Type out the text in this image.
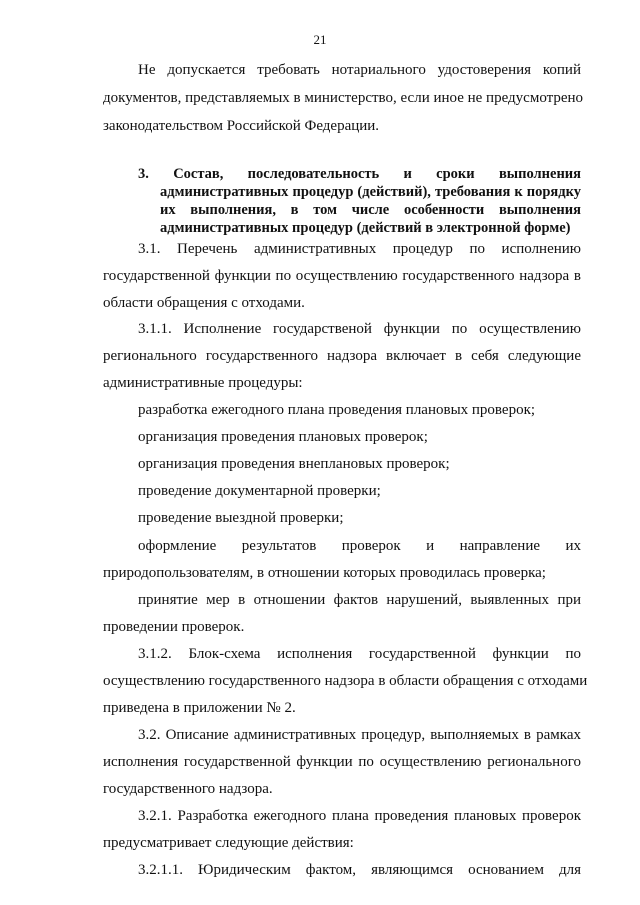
21
Не допускается требовать нотариального удостоверения копий
документов, представляемых в министерство, если иное не предусмотрено
законодательством Российской Федерации.
3. Состав, последовательность и сроки выполнения
административных процедур (действий), требования к порядку
их выполнения, в том числе особенности выполнения
административных процедур (действий в электронной форме)
3.1. Перечень административных процедур по исполнению
государственной функции по осуществлению государственного надзора в
области обращения с отходами.
3.1.1. Исполнение государственой функции по осуществлению
регионального государственного надзора включает в себя следующие
административные процедуры:
разработка ежегодного плана проведения плановых проверок;
организация проведения плановых проверок;
организация проведения внеплановых проверок;
проведение документарной проверки;
проведение выездной проверки;
оформление результатов проверок и направление их
природопользователям, в отношении которых проводилась проверка;
принятие мер в отношении фактов нарушений, выявленных при
проведении проверок.
3.1.2. Блок-схема исполнения государственной функции по
осуществлению государственного надзора в области обращения с отходами
приведена в приложении № 2.
3.2. Описание административных процедур, выполняемых в рамках
исполнения государственной функции по осуществлению регионального
государственного надзора.
3.2.1. Разработка ежегодного плана проведения плановых проверок
предусматривает следующие действия:
3.2.1.1. Юридическим фактом, являющимся основанием для
